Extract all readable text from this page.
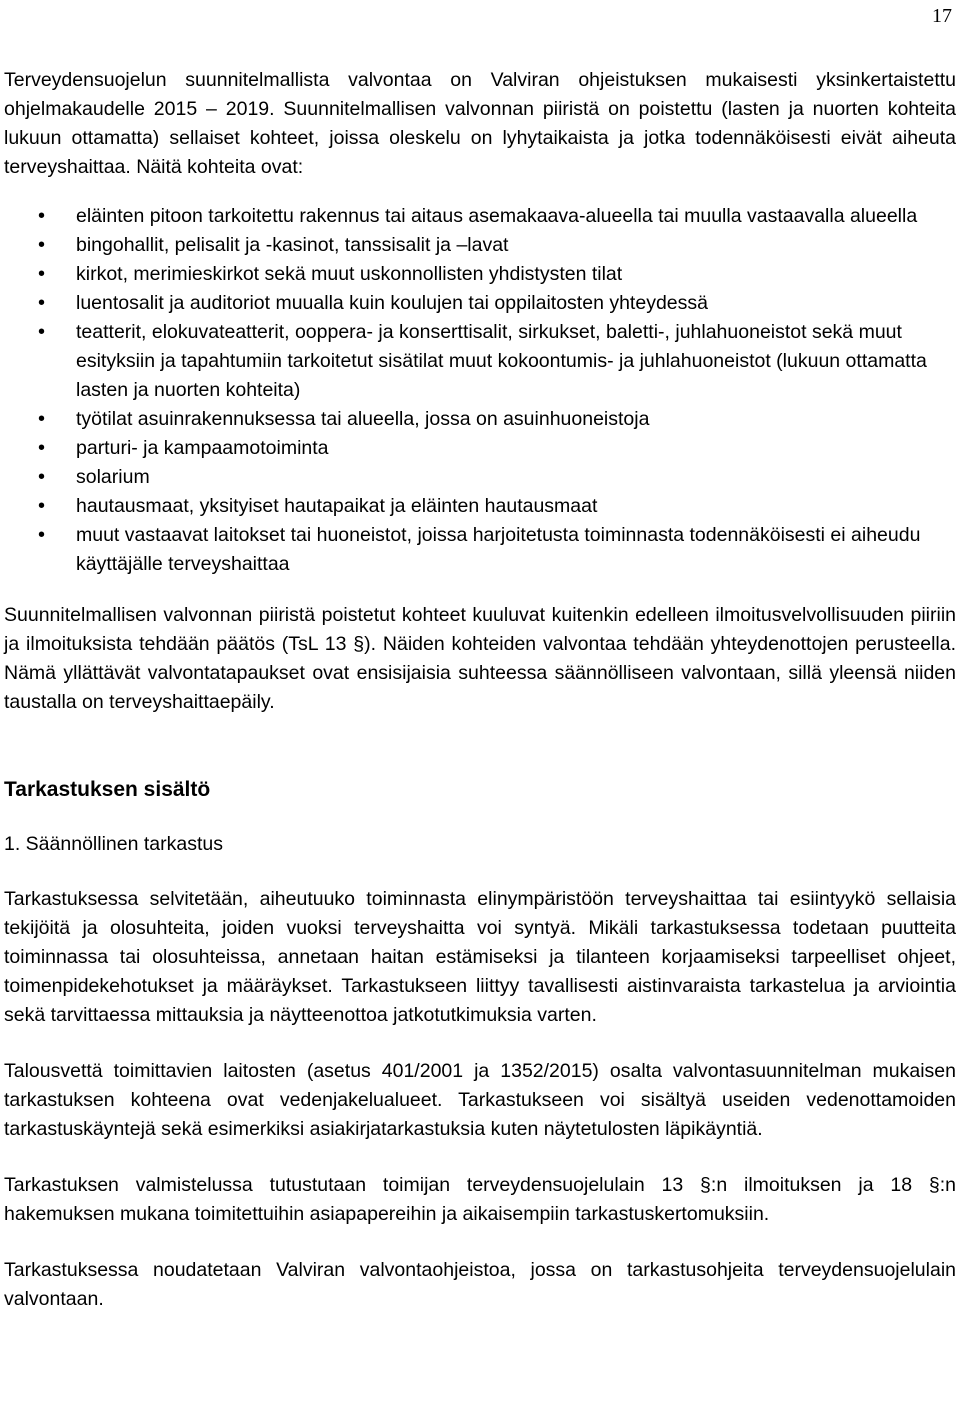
17

Terveydensuojelun suunnitelmallista valvontaa on Valviran ohjeistuksen mukaisesti yksinkertaistettu ohjelmakaudelle 2015 – 2019. Suunnitelmallisen valvonnan piiristä on poistettu (lasten ja nuorten kohteita lukuun ottamatta) sellaiset kohteet, joissa oleskelu on lyhytaikaista ja jotka todennäköisesti eivät aiheuta terveyshaittaa. Näitä kohteita ovat:

• eläinten pitoon tarkoitettu rakennus tai aitaus asemakaava-alueella tai muulla vastaavalla alueella
• bingohallit, pelisalit ja -kasinot, tanssisalit ja –lavat
• kirkot, merimieskirkot sekä muut uskonnollisten yhdistysten tilat
• luentosalit ja auditoriot muualla kuin koulujen tai oppilaitosten yhteydessä
• teatterit, elokuvateatterit, ooppera- ja konserttisalit, sirkukset, baletti-, juhlahuoneistot sekä muut esityksiin ja tapahtumiin tarkoitetut sisätilat muut kokoontumis- ja juhlahuoneistot (lukuun ottamatta lasten ja nuorten kohteita)
• työtilat asuinrakennuksessa tai alueella, jossa on asuinhuoneistoja
• parturi- ja kampaamotoiminta
• solarium
• hautausmaat, yksityiset hautapaikat ja eläinten hautausmaat
• muut vastaavat laitokset tai huoneistot, joissa harjoitetusta toiminnasta todennäköisesti ei aiheudu käyttäjälle terveyshaittaa

Suunnitelmallisen valvonnan piiristä poistetut kohteet kuuluvat kuitenkin edelleen ilmoitusvelvollisuuden piiriin ja ilmoituksista tehdään päätös (TsL 13 §). Näiden kohteiden valvontaa tehdään yhteydenottojen perusteella. Nämä yllättävät valvontatapaukset ovat ensisijaisia suhteessa säännölliseen valvontaan, sillä yleensä niiden taustalla on terveyshaittaepäily.

Tarkastuksen sisältö

1. Säännöllinen tarkastus

Tarkastuksessa selvitetään, aiheutuuko toiminnasta elinympäristöön terveyshaittaa tai esiintyykö sellaisia tekijöitä ja olosuhteita, joiden vuoksi terveyshaitta voi syntyä. Mikäli tarkastuksessa todetaan puutteita toiminnassa tai olosuhteissa, annetaan haitan estämiseksi ja tilanteen korjaamiseksi tarpeelliset ohjeet, toimenpidekehotukset ja määräykset. Tarkastukseen liittyy tavallisesti aistinvaraista tarkastelua ja arviointia sekä tarvittaessa mittauksia ja näytteenottoa jatkotutkimuksia varten.

Talousvettä toimittavien laitosten (asetus 401/2001 ja 1352/2015) osalta valvontasuunnitelman mukaisen tarkastuksen kohteena ovat vedenjakelualueet. Tarkastukseen voi sisältyä useiden vedenottamoiden tarkastuskäyntejä sekä esimerkiksi asiakirjatarkastuksia kuten näytetulosten läpikäyntiä.

Tarkastuksen valmistelussa tutustutaan toimijan terveydensuojelulain 13 §:n ilmoituksen ja 18 §:n hakemuksen mukana toimitettuihin asiapapereihin ja aikaisempiin tarkastuskertomuksiin.

Tarkastuksessa noudatetaan Valviran valvontaohjeistoa, jossa on tarkastusohjeita terveydensuojelulain valvontaan.
